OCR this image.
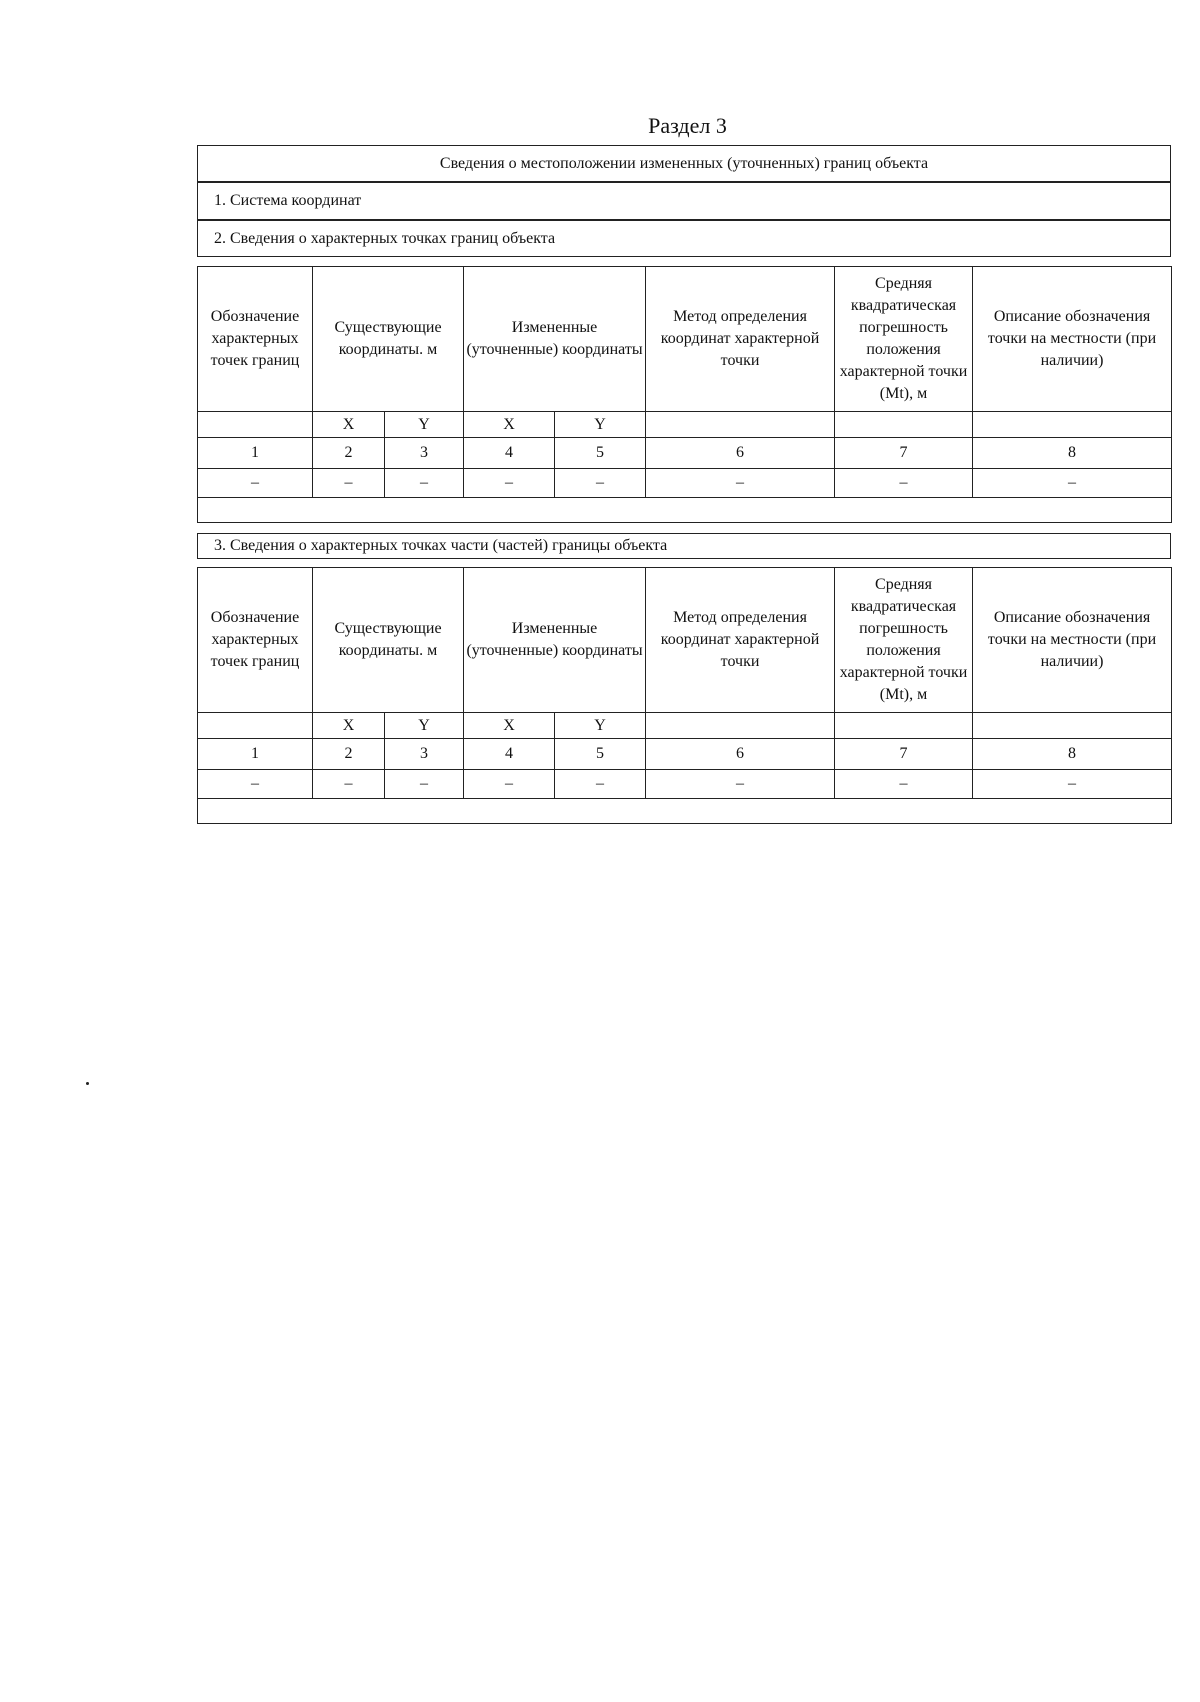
Раздел 3
Сведения о местоположении измененных (уточненных) границ объекта
1. Система координат
2. Сведения о характерных точках границ объекта
Обозначение характерных точек границ	Существующие координаты. м		Измененные (уточненные) координаты		Метод определения координат характерной точки	Средняя квадратическая погрешность положения характерной точки (Mt), м	Описание обозначения точки на местности (при наличии)
	X	Y	X	Y			
1	2	3	4	5	6	7	8
–	–	–	–	–	–	–	–

3. Сведения о характерных точках части (частей) границы объекта
Обозначение характерных точек границ	Существующие координаты. м		Измененные (уточненные) координаты		Метод определения координат характерной точки	Средняя квадратическая погрешность положения характерной точки (Mt), м	Описание обозначения точки на местности (при наличии)
	X	Y	X	Y			
1	2	3	4	5	6	7	8
–	–	–	–	–	–	–	–
